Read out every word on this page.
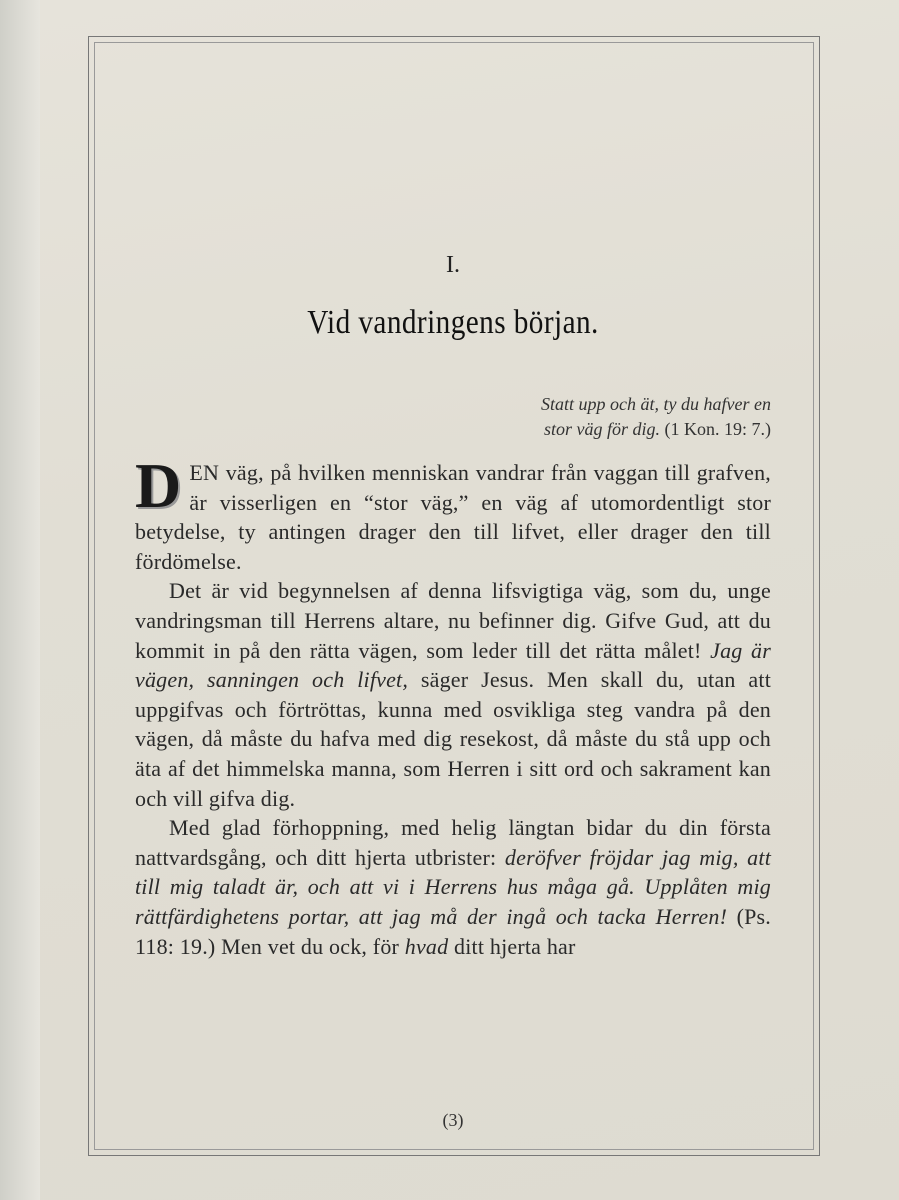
I.
Vid vandringens början.
Statt upp och ät, ty du hafver en
stor väg för dig. (1 Kon. 19: 7.)

DEN väg, på hvilken menniskan vandrar från vaggan till grafven, är visserligen en “stor väg,” en väg af utomordentligt stor betydelse, ty antingen drager den till lifvet, eller drager den till fördömelse.

Det är vid begynnelsen af denna lifsvigtiga väg, som du, unge vandringsman till Herrens altare, nu befinner dig. Gifve Gud, att du kommit in på den rätta vägen, som leder till det rätta målet! Jag är vägen, sanningen och lifvet, säger Jesus. Men skall du, utan att uppgifvas och förtröttas, kunna med osvikliga steg vandra på den vägen, då måste du hafva med dig resekost, då måste du stå upp och äta af det himmelska manna, som Herren i sitt ord och sakrament kan och vill gifva dig.

Med glad förhoppning, med helig längtan bidar du din första nattvardsgång, och ditt hjerta utbrister: deröfver fröjdar jag mig, att till mig taladt är, och att vi i Herrens hus måga gå. Upplåten mig rättfärdighetens portar, att jag må der ingå och tacka Herren! (Ps. 118: 19.) Men vet du ock, för hvad ditt hjerta har

(3)
